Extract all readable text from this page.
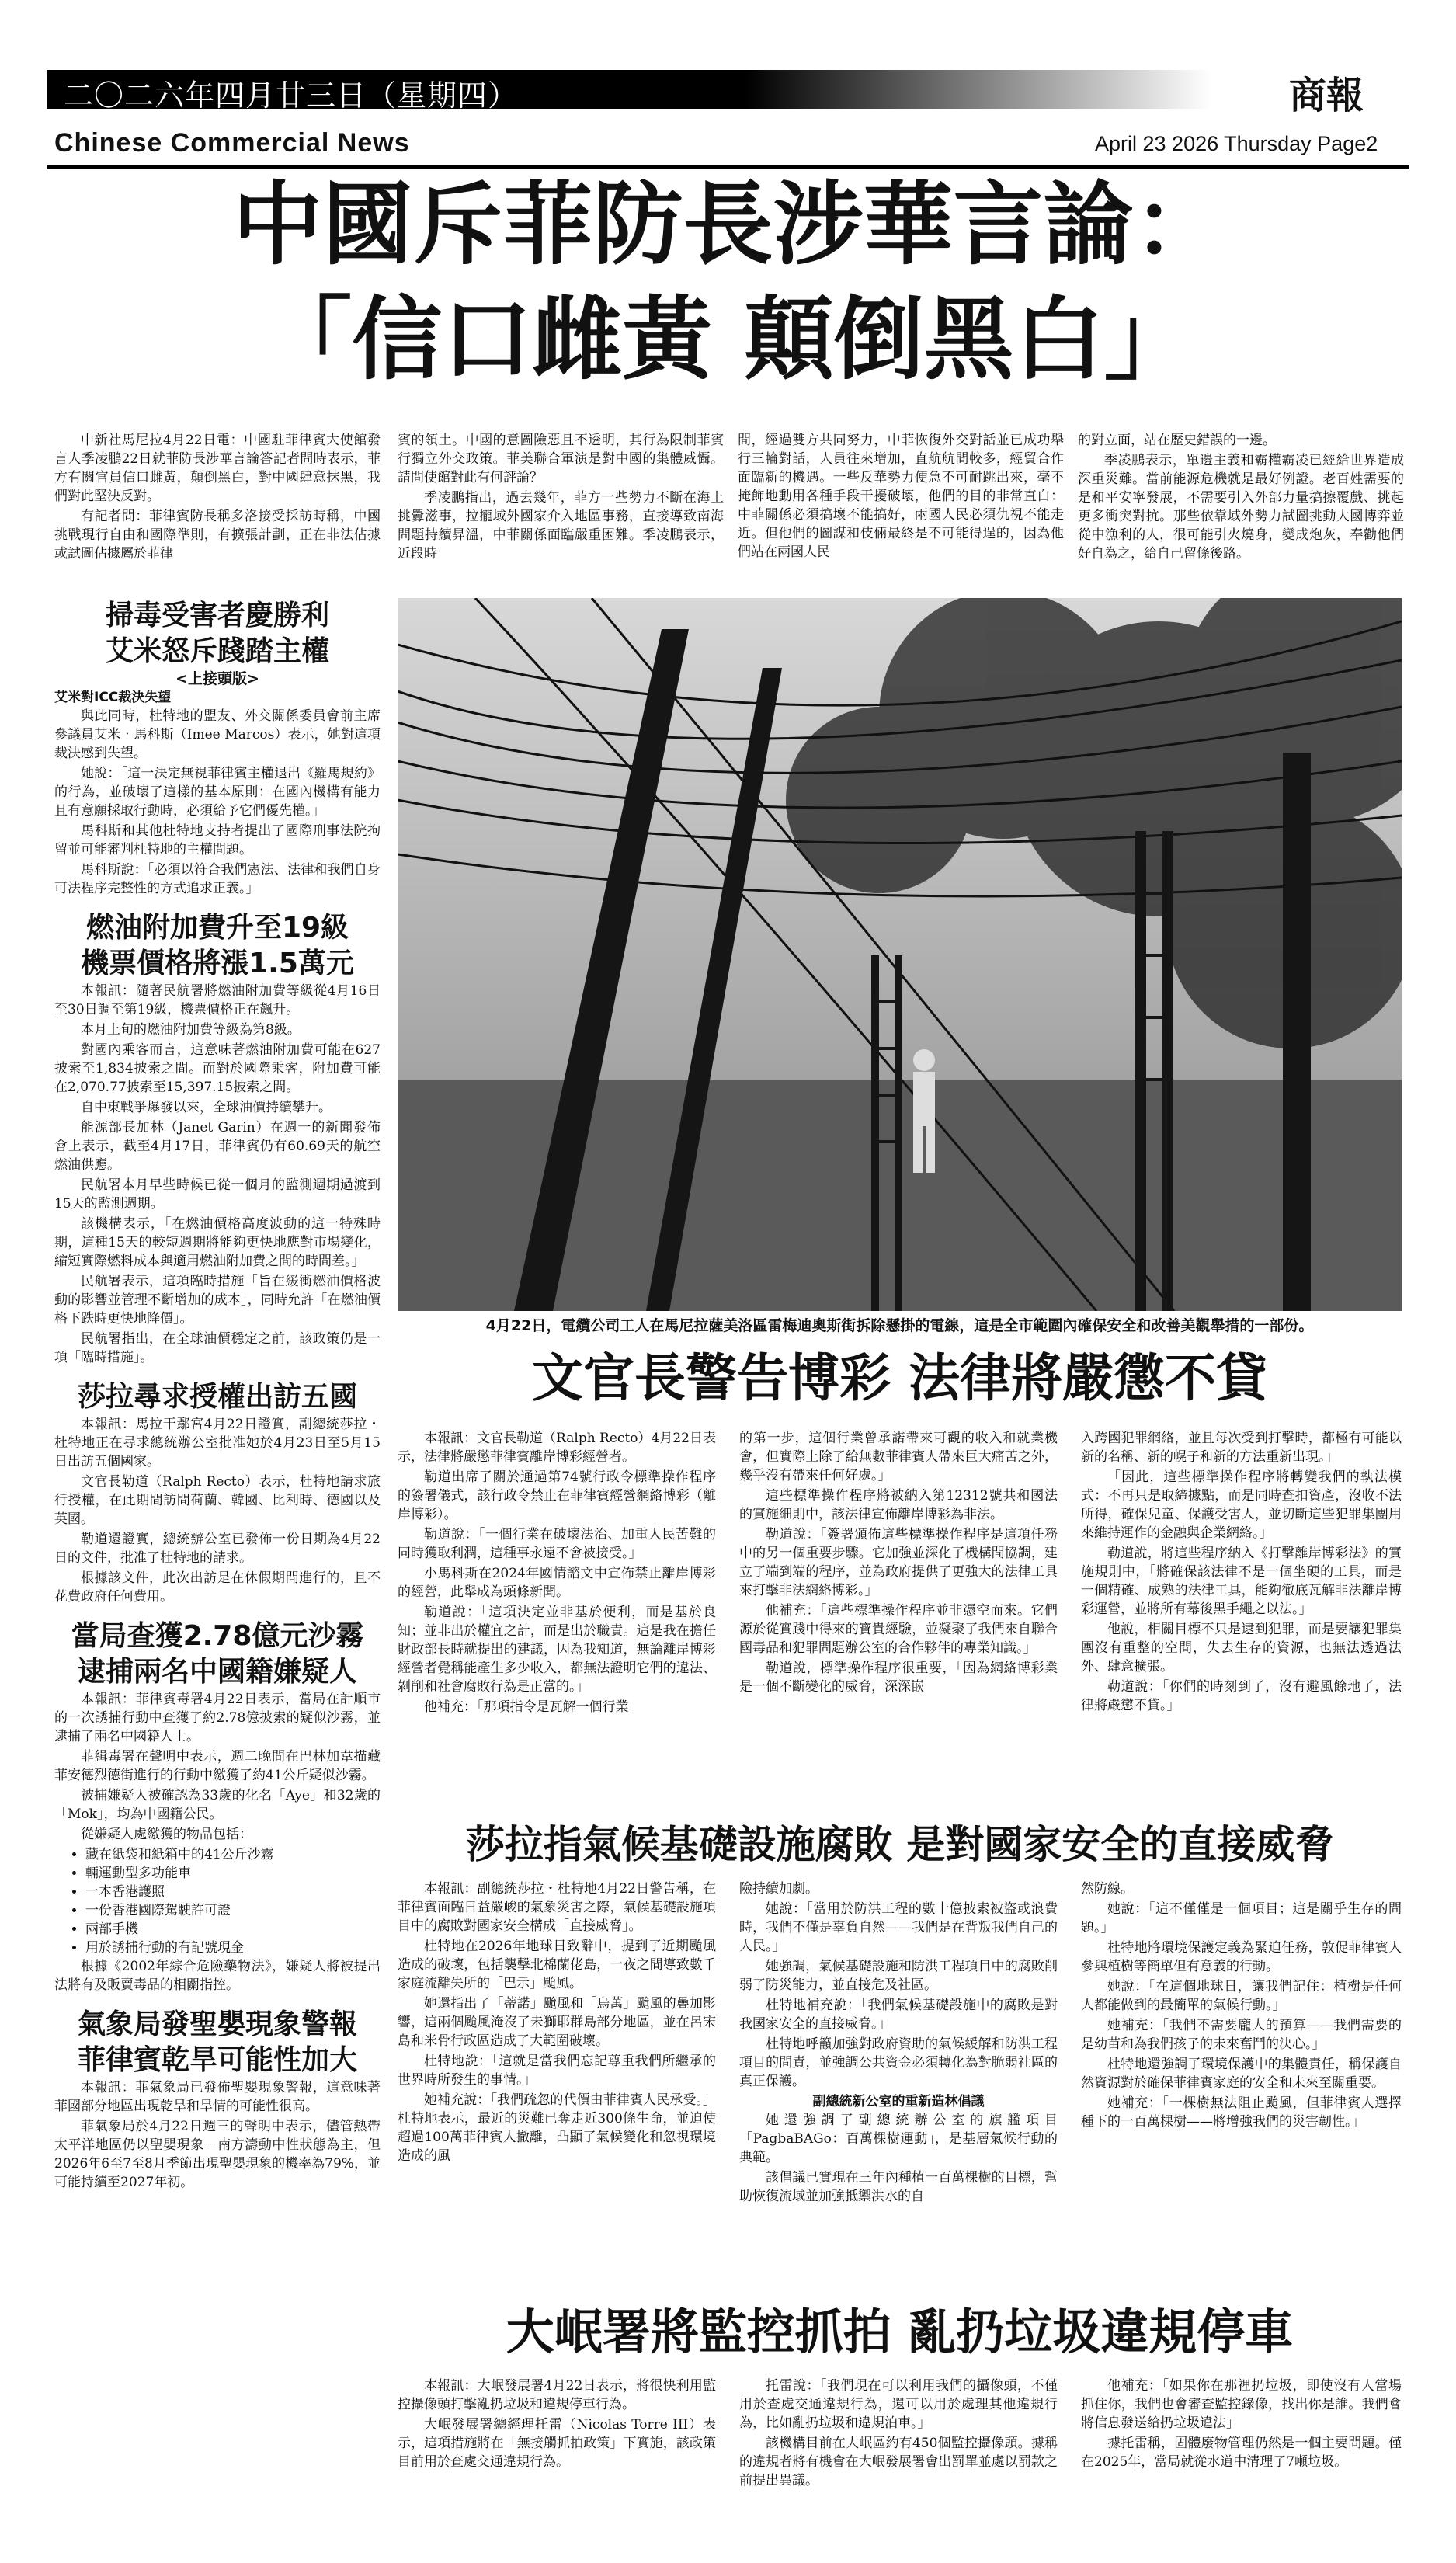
二〇二六年四月廿三日（星期四）	商報
Chinese Commercial News	April 23 2026 Thursday Page2
中國斥菲防長涉華言論：
「信口雌黃 顛倒黑白」

中新社馬尼拉4月22日電：中國駐菲律賓大使館發言人季凌鵬22日就菲防長涉華言論答記者問時表示，菲方有關官員信口雌黃，顛倒黑白，對中國肆意抹黑，我們對此堅決反對。

有記者問：菲律賓防長稱多洛接受採訪時稱，中國挑戰現行自由和國際準則，有擴張計劃，正在非法佔據或試圖佔據屬於菲律

賓的領土。中國的意圖險惡且不透明，其行為限制菲賓行獨立外交政策。菲美聯合軍演是對中國的集體威懾。請問使館對此有何評論？

季凌鵬指出，過去幾年，菲方一些勢力不斷在海上挑釁滋事，拉攏域外國家介入地區事務，直接導致南海問題持續昇溫，中菲關係面臨嚴重困難。季凌鵬表示，近段時

間，經過雙方共同努力，中菲恢復外交對話並已成功舉行三輪對話，人員往來增加，直航航間較多，經貿合作面臨新的機遇。一些反華勢力便急不可耐跳出來，毫不掩飾地動用各種手段干擾破壞，他們的目的非常直白：中菲關係必須搞壞不能搞好，兩國人民必須仇視不能走近。但他們的圖謀和伎倆最終是不可能得逞的，因為他們站在兩國人民

的對立面，站在歷史錯誤的一邊。

季凌鵬表示，單邊主義和霸權霸凌已經給世界造成深重災難。當前能源危機就是最好例證。老百姓需要的是和平安寧發展，不需要引入外部力量搞擦覆戲、挑起更多衝突對抗。那些依靠域外勢力試圖挑動大國博弈並從中漁利的人，很可能引火燒身，變成炮灰，奉勸他們好自為之，給自己留條後路。

掃毒受害者慶勝利
艾米怒斥踐踏主權
<上接頭版>
艾米對ICC裁決失望

與此同時，杜特地的盟友、外交關係委員會前主席參議員艾米‧馬科斯（Imee Marcos）表示，她對這項裁決感到失望。

她說：「這一決定無視菲律賓主權退出《羅馬規約》的行為，並破壞了這樣的基本原則：在國內機構有能力且有意願採取行動時，必須給予它們優先權。」

馬科斯和其他杜特地支持者提出了國際刑事法院拘留並可能審判杜特地的主權問題。

馬科斯說：「必須以符合我們憲法、法律和我們自身可法程序完整性的方式追求正義。」

燃油附加費升至19級
機票價格將漲1.5萬元

本報訊：隨著民航署將燃油附加費等級從4月16日至30日調至第19級，機票價格正在飆升。

本月上旬的燃油附加費等級為第8級。

對國內乘客而言，這意味著燃油附加費可能在627披索至1,834披索之間。而對於國際乘客，附加費可能在2,070.77披索至15,397.15披索之間。

自中東戰爭爆發以來，全球油價持續攀升。

能源部長加林（Janet Garin）在週一的新聞發佈會上表示，截至4月17日，菲律賓仍有60.69天的航空燃油供應。

民航署本月早些時候已從一個月的監測週期過渡到15天的監測週期。

該機構表示，「在燃油價格高度波動的這一特殊時期，這種15天的較短週期將能夠更快地應對市場變化，縮短實際燃料成本與適用燃油附加費之間的時間差。」

民航署表示，這項臨時措施「旨在緩衝燃油價格波動的影響並管理不斷增加的成本」，同時允許「在燃油價格下跌時更快地降價」。

民航署指出，在全球油價穩定之前，該政策仍是一項「臨時措施」。

莎拉尋求授權出訪五國

本報訊：馬拉干鄢宮4月22日證實，副總統莎拉・杜特地正在尋求總統辦公室批准她於4月23日至5月15日出訪五個國家。

文官長勒道（Ralph Recto）表示，杜特地請求旅行授權，在此期間訪問荷蘭、韓國、比利時、德國以及英國。

勒道還證實，總統辦公室已發佈一份日期為4月22日的文件，批准了杜特地的請求。

根據該文件，此次出訪是在休假期間進行的，且不花費政府任何費用。

當局查獲2.78億元沙霧
逮捕兩名中國籍嫌疑人

本報訊：菲律賓毒署4月22日表示，當局在計順市的一次誘捕行動中查獲了約2.78億披索的疑似沙霧，並逮捕了兩名中國籍人士。

菲緝毒署在聲明中表示，週二晚間在巴林加韋描藏菲安德烈德街進行的行動中繳獲了約41公斤疑似沙霧。

被捕嫌疑人被確認為33歲的化名「Aye」和32歲的「Mok」，均為中國籍公民。

從嫌疑人處繳獲的物品包括：

• 藏在紙袋和紙箱中的41公斤沙霧
• 輛運動型多功能車
• 一本香港護照
• 一份香港國際駕駛許可證
• 兩部手機
• 用於誘捕行動的有記號現金

根據《2002年綜合危險藥物法》，嫌疑人將被提出法將有及販賣毒品的相關指控。

氣象局發聖嬰現象警報
菲律賓乾旱可能性加大

本報訊：菲氣象局已發佈聖嬰現象警報，這意味著菲國部分地區出現乾旱和旱情的可能性很高。

菲氣象局於4月22日週三的聲明中表示，儘管熱帶太平洋地區仍以聖嬰現象－南方濤動中性狀態為主，但2026年6至7至8月季節出現聖嬰現象的機率為79%，並可能持續至2027年初。

4月22日，電纜公司工人在馬尼拉薩美洛區雷梅迪奧斯街拆除懸掛的電線，這是全市範圍內確保安全和改善美觀舉措的一部份。
文官長警告博彩 法律將嚴懲不貸

本報訊：文官長勒道（Ralph Recto）4月22日表示，法律將嚴懲菲律賓離岸博彩經營者。

勒道出席了關於通過第74號行政令標準操作程序的簽署儀式，該行政令禁止在菲律賓經營網絡博彩（離岸博彩）。

勒道說：「一個行業在破壞法治、加重人民苦難的同時獲取利潤，這種事永遠不會被接受。」

小馬科斯在2024年國情諮文中宣佈禁止離岸博彩的經營，此舉成為頭條新聞。

勒道說：「這項決定並非基於便利，而是基於良知；並非出於權宜之計，而是出於職責。這是我在擔任財政部長時就提出的建議，因為我知道，無論離岸博彩經營者覺稱能產生多少收入，都無法證明它們的違法、剝削和社會腐敗行為是正當的。」

他補充：「那項指令是瓦解一個行業

的第一步，這個行業曾承諾帶來可觀的收入和就業機會，但實際上除了給無數菲律賓人帶來巨大痛苦之外，幾乎沒有帶來任何好處。」

這些標準操作程序將被納入第12312號共和國法的實施細則中，該法律宣佈離岸博彩為非法。

勒道說：「簽署頒佈這些標準操作程序是這項任務中的另一個重要步驟。它加強並深化了機構間協調，建立了端到端的程序，並為政府提供了更強大的法律工具來打擊非法網絡博彩。」

他補充：「這些標準操作程序並非憑空而來。它們源於從實踐中得來的寶貴經驗，並凝聚了我們來自聯合國毒品和犯罪問題辦公室的合作夥伴的專業知識。」

勒道說，標準操作程序很重要，「因為網絡博彩業是一個不斷變化的威脅，深深嵌

入跨國犯罪網絡，並且每次受到打擊時，都極有可能以新的名稱、新的幌子和新的方法重新出現。」

「因此，這些標準操作程序將轉變我們的執法模式：不再只是取締據點，而是同時查扣資產，沒收不法所得，確保兒童、保護受害人，並切斷這些犯罪集團用來維持運作的金融與企業網絡。」

勒道說，將這些程序納入《打擊離岸博彩法》的實施規則中，「將確保該法律不是一個坐硬的工具，而是一個精確、成熟的法律工具，能夠徹底瓦解非法離岸博彩運營，並將所有幕後黑手繩之以法。」

他說，相關目標不只是逮到犯罪，而是要讓犯罪集團沒有重整的空間，失去生存的資源，也無法透過法外、肆意擴張。

勒道說：「你們的時刻到了，沒有避風餘地了，法律將嚴懲不貸。」

莎拉指氣候基礎設施腐敗 是對國家安全的直接威脅

本報訊：副總統莎拉・杜特地4月22日警告稱，在菲律賓面臨日益嚴峻的氣象災害之際，氣候基礎設施項目中的腐敗對國家安全構成「直接威脅」。

杜特地在2026年地球日致辭中，提到了近期颱風造成的破壞，包括襲擊北棉蘭佬島，一夜之間導致數千家庭流離失所的「巴示」颱風。

她還指出了「蒂諾」颱風和「烏萬」颱風的疊加影響，這兩個颱風淹沒了未獅耶群島部分地區，並在呂宋島和米骨行政區造成了大範圍破壞。

杜特地說：「這就是當我們忘記尊重我們所繼承的世界時所發生的事情。」

她補充說：「我們疏忽的代價由菲律賓人民承受。」杜特地表示，最近的災難已奪走近300條生命，並迫使超過100萬菲律賓人撤離，凸顯了氣候變化和忽視環境造成的風

險持續加劇。

她說：「當用於防洪工程的數十億披索被盜或浪費時，我們不僅是辜負自然——我們是在背叛我們自己的人民。」

她強調，氣候基礎設施和防洪工程項目中的腐敗削弱了防災能力，並直接危及社區。

杜特地補充說：「我們氣候基礎設施中的腐敗是對我國家安全的直接威脅。」

杜特地呼籲加強對政府資助的氣候緩解和防洪工程項目的問責，並強調公共資金必須轉化為對脆弱社區的真正保護。

副總統新公室的重新造林倡議

她還強調了副總統辦公室的旗艦項目「PagbaBAGo：百萬棵樹運動」，是基層氣候行動的典範。

該倡議已實現在三年內種植一百萬棵樹的目標，幫助恢復流域並加強抵禦洪水的自

然防線。

她說：「這不僅僅是一個項目；這是關乎生存的問題。」

杜特地將環境保護定義為緊迫任務，敦促菲律賓人參與植樹等簡單但有意義的行動。

她說：「在這個地球日，讓我們記住：植樹是任何人都能做到的最簡單的氣候行動。」

她補充：「我們不需要龐大的預算——我們需要的是幼苗和為我們孩子的未來奮鬥的決心。」

杜特地還強調了環境保護中的集體責任，稱保護自然資源對於確保菲律賓家庭的安全和未來至關重要。

她補充：「一棵樹無法阻止颱風，但菲律賓人選擇種下的一百萬棵樹——將增強我們的災害韌性。」

大岷署將監控抓拍 亂扔垃圾違規停車

本報訊：大岷發展署4月22日表示，將很快利用監控攝像頭打擊亂扔垃圾和違規停車行為。

大岷發展署總經理托雷（Nicolas Torre III）表示，這項措施將在「無接觸抓拍政策」下實施，該政策目前用於查處交通違規行為。

托雷說：「我們現在可以利用我們的攝像頭，不僅用於查處交通違規行為，還可以用於處理其他違規行為，比如亂扔垃圾和違規泊車。」

該機構目前在大岷區約有450個監控攝像頭。據稱的違規者將有機會在大岷發展署會出罰單並處以罰款之前提出異議。

他補充：「如果你在那裡扔垃圾，即使沒有人當場抓住你，我們也會審查監控錄像，找出你是誰。我們會將信息發送給扔垃圾違法」

據托雷稱，固體廢物管理仍然是一個主要問題。僅在2025年，當局就從水道中清理了7噸垃圾。
